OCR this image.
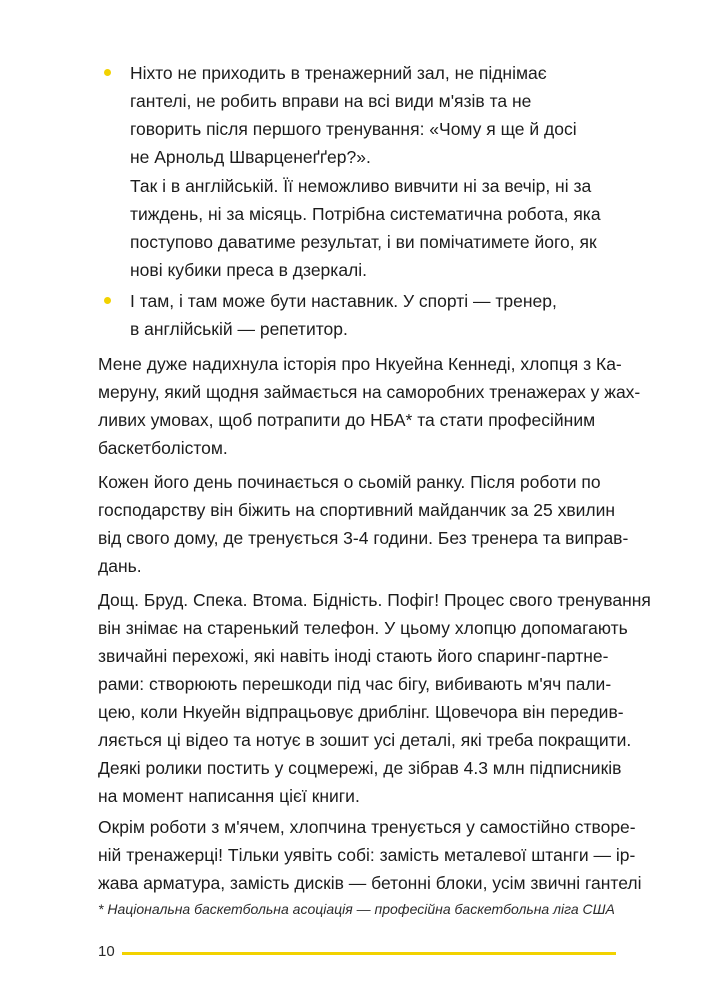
Ніхто не приходить в тренажерний зал, не піднімає
гантелі, не робить вправи на всі види м'язів та не
говорить після першого тренування: «Чому я ще й досі
не Арнольд Шварценеґґер?».
Так і в англійській. Її неможливо вивчити ні за вечір, ні за
тиждень, ні за місяць. Потрібна систематична робота, яка
поступово даватиме результат, і ви помічатимете його, як
нові кубики преса в дзеркалі.
І там, і там може бути наставник. У спорті — тренер,
в англійській — репетитор.
Мене дуже надихнула історія про Нкуейна Кеннеді, хлопця з Ка-
меруну, який щодня займається на саморобних тренажерах у жах-
ливих умовах, щоб потрапити до НБА* та стати професійним
баскетболістом.
Кожен його день починається о сьомій ранку. Після роботи по
господарству він біжить на спортивний майданчик за 25 хвилин
від свого дому, де тренується 3-4 години. Без тренера та виправ-
дань.
Дощ. Бруд. Спека. Втома. Бідність. Пофіг! Процес свого тренування
він знімає на старенький телефон. У цьому хлопцю допомагають
звичайні перехожі, які навіть іноді стають його спаринг-партне-
рами: створюють перешкоди під час бігу, вибивають м'яч пали-
цею, коли Нкуейн відпрацьовує дриблінг. Щовечора він передив-
ляється ці відео та нотує в зошит усі деталі, які треба покращити.
Деякі ролики постить у соцмережі, де зібрав 4.3 млн підписників
на момент написання цієї книги.
Окрім роботи з м'ячем, хлопчина тренується у самостійно створе-
ній тренажерці! Тільки уявіть собі: замість металевої штанги — ір-
жава арматура, замість дисків — бетонні блоки, усім звичні гантелі
* Національна баскетбольна асоціація — професійна баскетбольна ліга США
10
